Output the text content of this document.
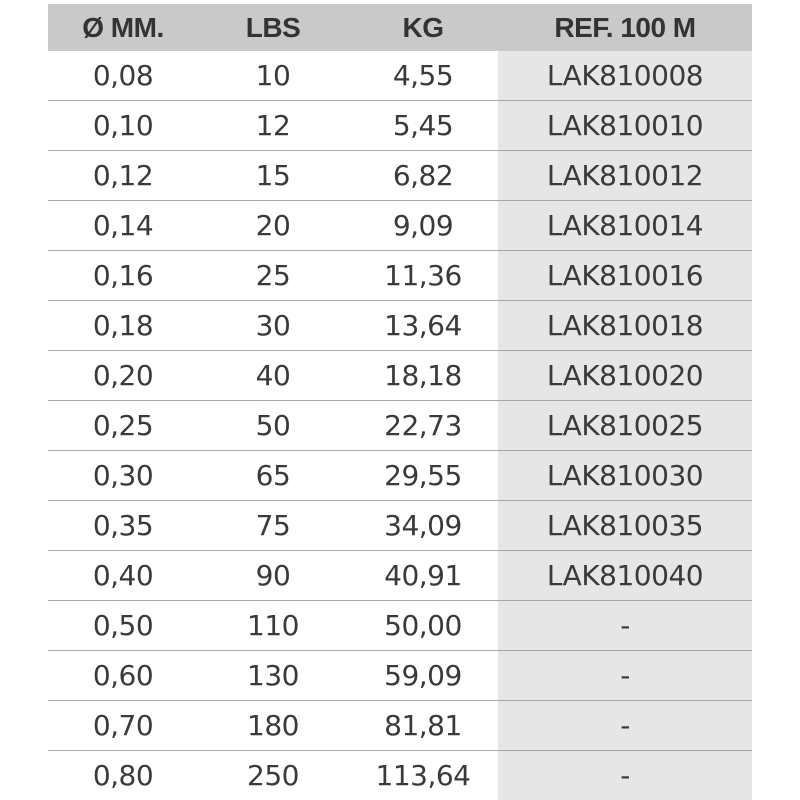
Ø MM.	LBS	KG	REF. 100 M
0,08	10	4,55	LAK810008
0,10	12	5,45	LAK810010
0,12	15	6,82	LAK810012
0,14	20	9,09	LAK810014
0,16	25	11,36	LAK810016
0,18	30	13,64	LAK810018
0,20	40	18,18	LAK810020
0,25	50	22,73	LAK810025
0,30	65	29,55	LAK810030
0,35	75	34,09	LAK810035
0,40	90	40,91	LAK810040
0,50	110	50,00	-
0,60	130	59,09	-
0,70	180	81,81	-
0,80	250	113,64	-
